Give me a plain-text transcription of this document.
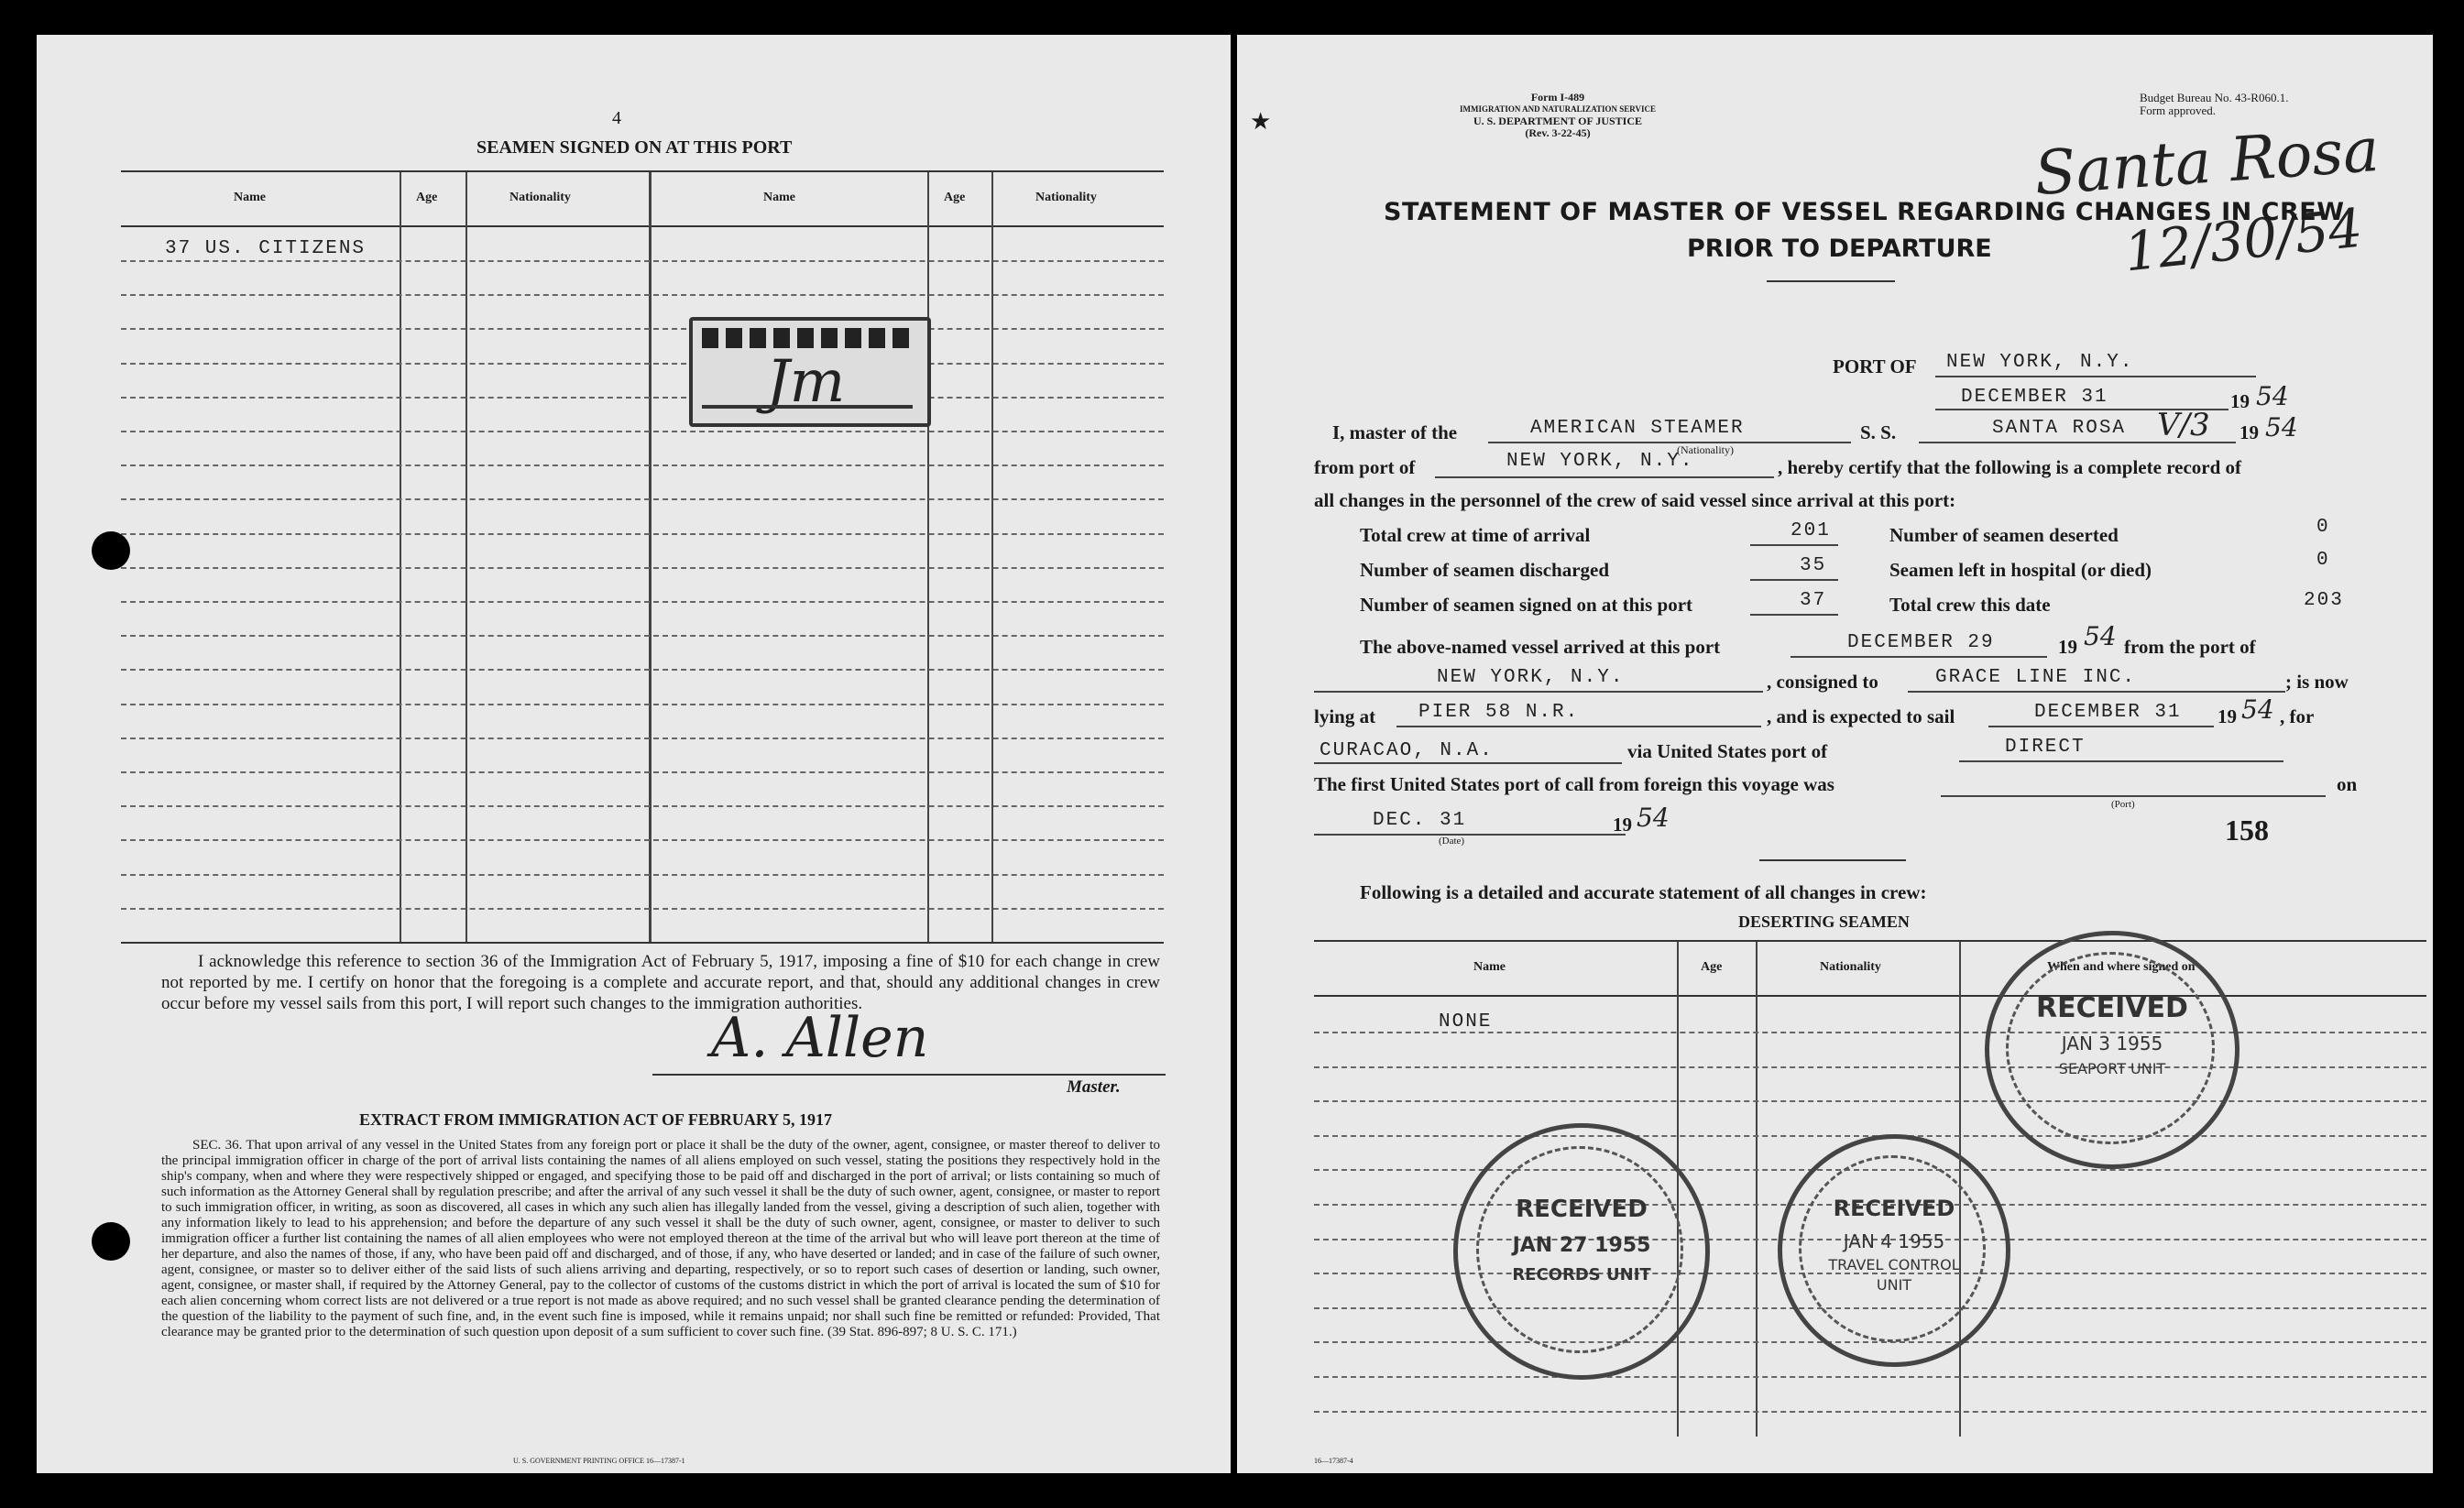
4
SEAMEN SIGNED ON AT THIS PORT
Name	Age	Nationality	Name	Age	Nationality
37 US. CITIZENS
Jm
I acknowledge this reference to section 36 of the Immigration Act of February 5, 1917, imposing a fine of $10 for each change in crew not reported by me. I certify on honor that the foregoing is a complete and accurate report, and that, should any additional changes in crew occur before my vessel sails from this port, I will report such changes to the immigration authorities.
A. Allen
Master.
EXTRACT FROM IMMIGRATION ACT OF FEBRUARY 5, 1917
SEC. 36. That upon arrival of any vessel in the United States from any foreign port or place it shall be the duty of the owner, agent, consignee, or master thereof to deliver to the principal immigration officer in charge of the port of arrival lists containing the names of all aliens employed on such vessel, stating the positions they respectively hold in the ship's company, when and where they were respectively shipped or engaged, and specifying those to be paid off and discharged in the port of arrival; or lists containing so much of such information as the Attorney General shall by regulation prescribe; and after the arrival of any such vessel it shall be the duty of such owner, agent, consignee, or master to report to such immigration officer, in writing, as soon as discovered, all cases in which any such alien has illegally landed from the vessel, giving a description of such alien, together with any information likely to lead to his apprehension; and before the departure of any such vessel it shall be the duty of such owner, agent, consignee, or master to deliver to such immigration officer a further list containing the names of all alien employees who were not employed thereon at the time of the arrival but who will leave port thereon at the time of her departure, and also the names of those, if any, who have been paid off and discharged, and of those, if any, who have deserted or landed; and in case of the failure of such owner, agent, consignee, or master so to deliver either of the said lists of such aliens arriving and departing, respectively, or so to report such cases of desertion or landing, such owner, agent, consignee, or master shall, if required by the Attorney General, pay to the collector of customs of the customs district in which the port of arrival is located the sum of $10 for each alien concerning whom correct lists are not delivered or a true report is not made as above required; and no such vessel shall be granted clearance pending the determination of the question of the liability to the payment of such fine, and, in the event such fine is imposed, while it remains unpaid; nor shall such fine be remitted or refunded: Provided, That clearance may be granted prior to the determination of such question upon deposit of a sum sufficient to cover such fine. (39 Stat. 896-897; 8 U. S. C. 171.)
U. S. GOVERNMENT PRINTING OFFICE 16—17387-1
★
Form I-489
IMMIGRATION AND NATURALIZATION SERVICE
U. S. DEPARTMENT OF JUSTICE
(Rev. 3-22-45)
Budget Bureau No. 43-R060.1.
Form approved.
Santa Rosa
12/30/54
STATEMENT OF MASTER OF VESSEL REGARDING CHANGES IN CREW
PRIOR TO DEPARTURE
PORT OF NEW YORK, N.Y.
DECEMBER 31	19 54
I, master of the	AMERICAN STEAMER
(Nationality)
S. S.	SANTA ROSA V/3 19 54
from port of	NEW YORK, N.Y.	, hereby certify that the following is a complete record of
all changes in the personnel of the crew of said vessel since arrival at this port:
Total crew at time of arrival	201
Number of seamen discharged	35
Number of seamen signed on at this port	37
Number of seamen deserted	0
Seamen left in hospital (or died)	0
Total crew this date	203
The above-named vessel arrived at this port	DECEMBER 29	19 54 from the port of
NEW YORK, N.Y.	, consigned to	GRACE LINE INC.	; is now
lying at PIER 58 N.R.	, and is expected to sail	DECEMBER 31 19 54 , for
CURACAO, N.A.	via United States port of	DIRECT
The first United States port of call from foreign this voyage was	on
(Port)
DEC. 31
(Date)
19 54	158
Following is a detailed and accurate statement of all changes in crew:
DESERTING SEAMEN
Name	Age	Nationality	When and where signed on
NONE	RECEIVED
JAN 3 1955
SEAPORT UNIT
RECEIVED
JAN 27 1955
RECORDS UNIT
RECEIVED
JAN 4 1955
TRAVEL CONTROL
UNIT
16—17387-4
